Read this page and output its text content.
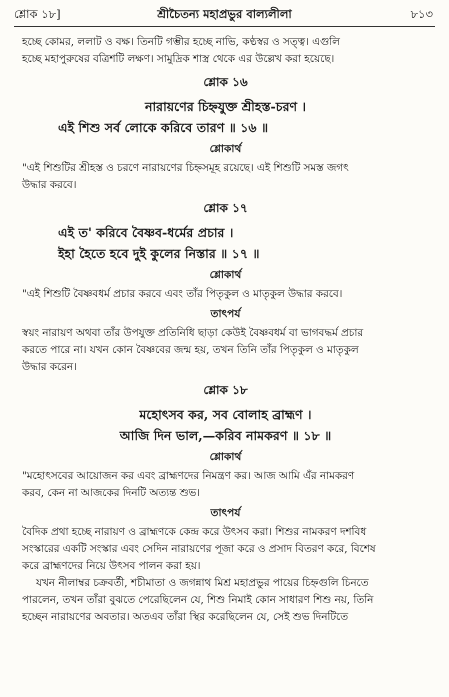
শ্লোক ১৮]	শ্রীচৈতন্য মহাপ্রভুর বাল্যলীলা	৮১৩

হচ্ছে কোমর, ললাট ও বক্ষ। তিনটি গম্ভীর হচ্ছে নাভি, কণ্ঠস্বর ও সত্ত্ব। এগুলি

হচ্ছে মহাপুরুষের বত্রিশটি লক্ষণ। সামুদ্রিক শাস্ত্র থেকে এর উল্লেখ করা হয়েছে।

শ্লোক ১৬

নারায়ণের চিহ্নযুক্ত শ্রীহস্ত-চরণ ।

এই শিশু সর্ব লোকে করিবে তারণ ॥ ১৬ ॥

শ্লোকার্থ

"এই শিশুটির শ্রীহস্ত ও চরণে নারায়ণের চিহ্নসমূহ রয়েছে। এই শিশুটি সমস্ত জগৎ

উদ্ধার করবে।

শ্লোক ১৭

এই ত' করিবে বৈষ্ণব-ধর্মের প্রচার ।

ইহা হৈতে হবে দুই কুলের নিস্তার ॥ ১৭ ॥

শ্লোকার্থ

"এই শিশুটি বৈষ্ণবধর্ম প্রচার করবে এবং তাঁর পিতৃকুল ও মাতৃকুল উদ্ধার করবে।

তাৎপর্য

স্বয়ং নারায়ণ অথবা তাঁর উপযুক্ত প্রতিনিধি ছাড়া কেউই বৈষ্ণবধর্ম বা ভাগবদ্ধর্ম প্রচার

করতে পারে না। যখন কোন বৈষ্ণবের জন্ম হয়, তখন তিনি তাঁর পিতৃকুল ও মাতৃকুল

উদ্ধার করেন।

শ্লোক ১৮

মহোৎসব কর, সব বোলাহ ব্রাহ্মণ ।

আজি দিন ভাল,—করিব নামকরণ ॥ ১৮ ॥

শ্লোকার্থ

"মহোৎসবের আয়োজন কর এবং ব্রাহ্মণদের নিমন্ত্রণ কর। আজ আমি এঁর নামকরণ

করব, কেন না আজকের দিনটি অত্যন্ত শুভ।

তাৎপর্য

বৈদিক প্রথা হচ্ছে নারায়ণ ও ব্রাহ্মণকে কেন্দ্র করে উৎসব করা। শিশুর নামকরণ দশবিধ

সংস্কারের একটি সংস্কার এবং সেদিন নারায়ণের পূজা করে ও প্রসাদ বিতরণ করে, বিশেষ

করে ব্রাহ্মণদের নিয়ে উৎসব পালন করা হয়।

যখন নীলাম্বর চক্রবর্তী, শচীমাতা ও জগন্নাথ মিশ্র মহাপ্রভুর পায়ের চিহ্নগুলি চিনতে

পারলেন, তখন তাঁরা বুঝতে পেরেছিলেন যে, শিশু নিমাই কোন সাধারণ শিশু নয়, তিনি

হচ্ছেন নারায়ণের অবতার। অতএব তাঁরা স্থির করেছিলেন যে, সেই শুভ দিনটিতে
